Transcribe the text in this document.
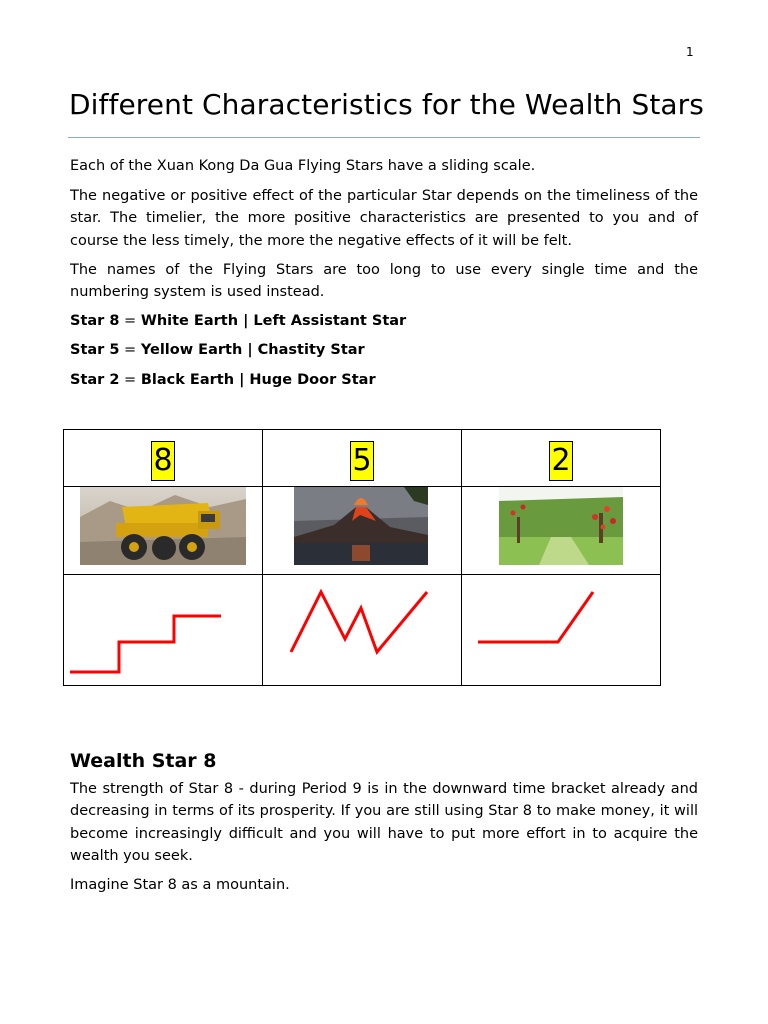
1
Different Characteristics for the Wealth Stars

Each of the Xuan Kong Da Gua Flying Stars have a sliding scale.

The negative or positive effect of the particular Star depends on the timeliness of the star. The timelier, the more positive characteristics are presented to you and of course the less timely, the more the negative effects of it will be felt.

The names of the Flying Stars are too long to use every single time and the numbering system is used instead.

Star 8 = White Earth | Left Assistant Star

Star 5 = Yellow Earth | Chastity Star

Star 2 = Black Earth | Huge Door Star

8	5	2

Wealth Star 8

The strength of Star 8 - during Period 9 is in the downward time bracket already and decreasing in terms of its prosperity. If you are still using Star 8 to make money, it will become increasingly difficult and you will have to put more effort in to acquire the wealth you seek.

Imagine Star 8 as a mountain.
